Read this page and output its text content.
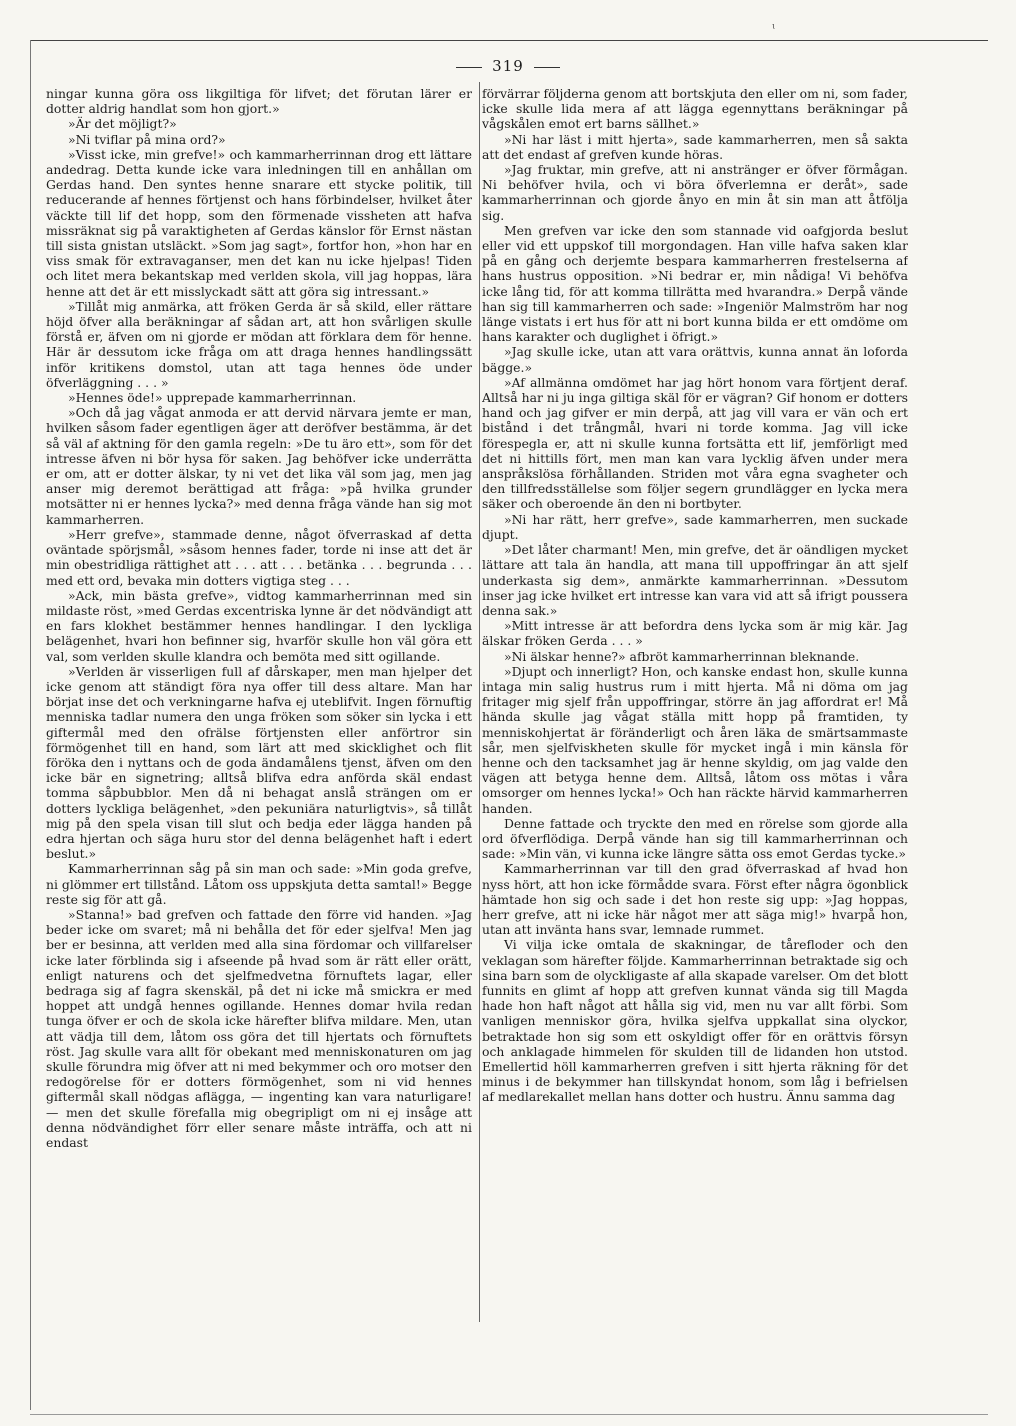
ɩ
319

ningar kunna göra oss likgiltiga för lifvet; det förutan lärer er dotter aldrig handlat som hon gjort.»

»Är det möjligt?»

»Ni tviflar på mina ord?»

»Visst icke, min grefve!» och kammarherrinnan drog ett lättare andedrag. Detta kunde icke vara inledningen till en anhållan om Gerdas hand. Den syntes henne snarare ett stycke politik, till reducerande af hennes förtjenst och hans förbindelser, hvilket åter väckte till lif det hopp, som den förmenade vissheten att hafva missräknat sig på varaktigheten af Gerdas känslor för Ernst nästan till sista gnistan utsläckt. »Som jag sagt», fortfor hon, »hon har en viss smak för extravaganser, men det kan nu icke hjelpas! Tiden och litet mera bekantskap med verlden skola, vill jag hoppas, lära henne att det är ett misslyckadt sätt att göra sig intressant.»

»Tillåt mig anmärka, att fröken Gerda är så skild, eller rättare höjd öfver alla beräkningar af sådan art, att hon svårligen skulle förstå er, äfven om ni gjorde er mödan att förklara dem för henne. Här är dessutom icke fråga om att draga hennes handlingssätt inför kritikens domstol, utan att taga hennes öde under öfverläggning . . . »

»Hennes öde!» upprepade kammarherrinnan.

»Och då jag vågat anmoda er att dervid närvara jemte er man, hvilken såsom fader egentligen äger att deröfver bestämma, är det så väl af aktning för den gamla regeln: »De tu äro ett», som för det intresse äfven ni bör hysa för saken. Jag behöfver icke underrätta er om, att er dotter älskar, ty ni vet det lika väl som jag, men jag anser mig deremot berättigad att fråga: »på hvilka grunder motsätter ni er hennes lycka?» med denna fråga vände han sig mot kammarherren.

»Herr grefve», stammade denne, något öfverraskad af detta oväntade spörjsmål, »såsom hennes fader, torde ni inse att det är min obestridliga rättighet att . . . att . . . betänka . . . begrunda . . . med ett ord, bevaka min dotters vigtiga steg . . .

»Ack, min bästa grefve», vidtog kammarherrinnan med sin mildaste röst, »med Gerdas excentriska lynne är det nödvändigt att en fars klokhet bestämmer hennes handlingar. I den lyckliga belägenhet, hvari hon befinner sig, hvarför skulle hon väl göra ett val, som verlden skulle klandra och bemöta med sitt ogillande.

»Verlden är visserligen full af dårskaper, men man hjelper det icke genom att ständigt föra nya offer till dess altare. Man har börjat inse det och verkningarne hafva ej uteblifvit. Ingen förnuftig menniska tadlar numera den unga fröken som söker sin lycka i ett giftermål med den ofrälse förtjensten eller anförtror sin förmögenhet till en hand, som lärt att med skicklighet och flit föröka den i nyttans och de goda ändamålens tjenst, äfven om den icke bär en signetring; alltså blifva edra anförda skäl endast tomma såpbubblor. Men då ni behagat anslå strängen om er dotters lyckliga belägenhet, »den pekuniära naturligtvis», så tillåt mig på den spela visan till slut och bedja eder lägga handen på edra hjertan och säga huru stor del denna belägenhet haft i edert beslut.»

Kammarherrinnan såg på sin man och sade: »Min goda grefve, ni glömmer ert tillstånd. Låtom oss uppskjuta detta samtal!» Begge reste sig för att gå.

»Stanna!» bad grefven och fattade den förre vid handen. »Jag beder icke om svaret; må ni behålla det för eder sjelfva! Men jag ber er besinna, att verlden med alla sina fördomar och villfarelser icke later förblinda sig i afseende på hvad som är rätt eller orätt, enligt naturens och det sjelfmedvetna förnuftets lagar, eller bedraga sig af fagra skenskäl, på det ni icke må smickra er med hoppet att undgå hennes ogillande. Hennes domar hvila redan tunga öfver er och de skola icke härefter blifva mildare. Men, utan att vädja till dem, låtom oss göra det till hjertats och förnuftets röst. Jag skulle vara allt för obekant med menniskonaturen om jag skulle förundra mig öfver att ni med bekymmer och oro motser den redogörelse för er dotters förmögenhet, som ni vid hennes giftermål skall nödgas aflägga, — ingenting kan vara naturligare! — men det skulle förefalla mig obegripligt om ni ej insåge att denna nödvändighet förr eller senare måste inträffa, och att ni endast

förvärrar följderna genom att bortskjuta den eller om ni, som fader, icke skulle lida mera af att lägga egennyttans beräkningar på vågskålen emot ert barns sällhet.»

»Ni har läst i mitt hjerta», sade kammarherren, men så sakta att det endast af grefven kunde höras.

»Jag fruktar, min grefve, att ni anstränger er öfver förmågan. Ni behöfver hvila, och vi böra öfverlemna er deråt», sade kammarherrinnan och gjorde ånyo en min åt sin man att åtfölja sig.

Men grefven var icke den som stannade vid oafgjorda beslut eller vid ett uppskof till morgondagen. Han ville hafva saken klar på en gång och derjemte bespara kammarherren frestelserna af hans hustrus opposition. »Ni bedrar er, min nådiga! Vi behöfva icke lång tid, för att komma tillrätta med hvarandra.» Derpå vände han sig till kammarherren och sade: »Ingeniör Malmström har nog länge vistats i ert hus för att ni bort kunna bilda er ett omdöme om hans karakter och duglighet i öfrigt.»

»Jag skulle icke, utan att vara orättvis, kunna annat än loforda bägge.»

»Af allmänna omdömet har jag hört honom vara förtjent deraf. Alltså har ni ju inga giltiga skäl för er vägran? Gif honom er dotters hand och jag gifver er min derpå, att jag vill vara er vän och ert bistånd i det trångmål, hvari ni torde komma. Jag vill icke förespegla er, att ni skulle kunna fortsätta ett lif, jemförligt med det ni hittills fört, men man kan vara lycklig äfven under mera anspråkslösa förhållanden. Striden mot våra egna svagheter och den tillfredsställelse som följer segern grundlägger en lycka mera säker och oberoende än den ni bortbyter.

»Ni har rätt, herr grefve», sade kammarherren, men suckade djupt.

»Det låter charmant! Men, min grefve, det är oändligen mycket lättare att tala än handla, att mana till uppoffringar än att sjelf underkasta sig dem», anmärkte kammarherrinnan. »Dessutom inser jag icke hvilket ert intresse kan vara vid att så ifrigt poussera denna sak.»

»Mitt intresse är att befordra dens lycka som är mig kär. Jag älskar fröken Gerda . . . »

»Ni älskar henne?» afbröt kammarherrinnan bleknande.

»Djupt och innerligt? Hon, och kanske endast hon, skulle kunna intaga min salig hustrus rum i mitt hjerta. Må ni döma om jag fritager mig sjelf från uppoffringar, större än jag affordrat er! Må hända skulle jag vågat ställa mitt hopp på framtiden, ty menniskohjertat är föränderligt och åren läka de smärtsammaste sår, men sjelfviskheten skulle för mycket ingå i min känsla för henne och den tacksamhet jag är henne skyldig, om jag valde den vägen att betyga henne dem. Alltså, låtom oss mötas i våra omsorger om hennes lycka!» Och han räckte härvid kammarherren handen.

Denne fattade och tryckte den med en rörelse som gjorde alla ord öfverflödiga. Derpå vände han sig till kammarherrinnan och sade: »Min vän, vi kunna icke längre sätta oss emot Gerdas tycke.»

Kammarherrinnan var till den grad öfverraskad af hvad hon nyss hört, att hon icke förmådde svara. Först efter några ögonblick hämtade hon sig och sade i det hon reste sig upp: »Jag hoppas, herr grefve, att ni icke här något mer att säga mig!» hvarpå hon, utan att invänta hans svar, lemnade rummet.

Vi vilja icke omtala de skakningar, de tårefloder och den veklagan som härefter följde. Kammarherrinnan betraktade sig och sina barn som de olyckligaste af alla skapade varelser. Om det blott funnits en glimt af hopp att grefven kunnat vända sig till Magda hade hon haft något att hålla sig vid, men nu var allt förbi. Som vanligen menniskor göra, hvilka sjelfva uppkallat sina olyckor, betraktade hon sig som ett oskyldigt offer för en orättvis försyn och anklagade himmelen för skulden till de lidanden hon utstod. Emellertid höll kammarherren grefven i sitt hjerta räkning för det minus i de bekymmer han tillskyndat honom, som låg i befrielsen af medlarekallet mellan hans dotter och hustru. Ännu samma dag
